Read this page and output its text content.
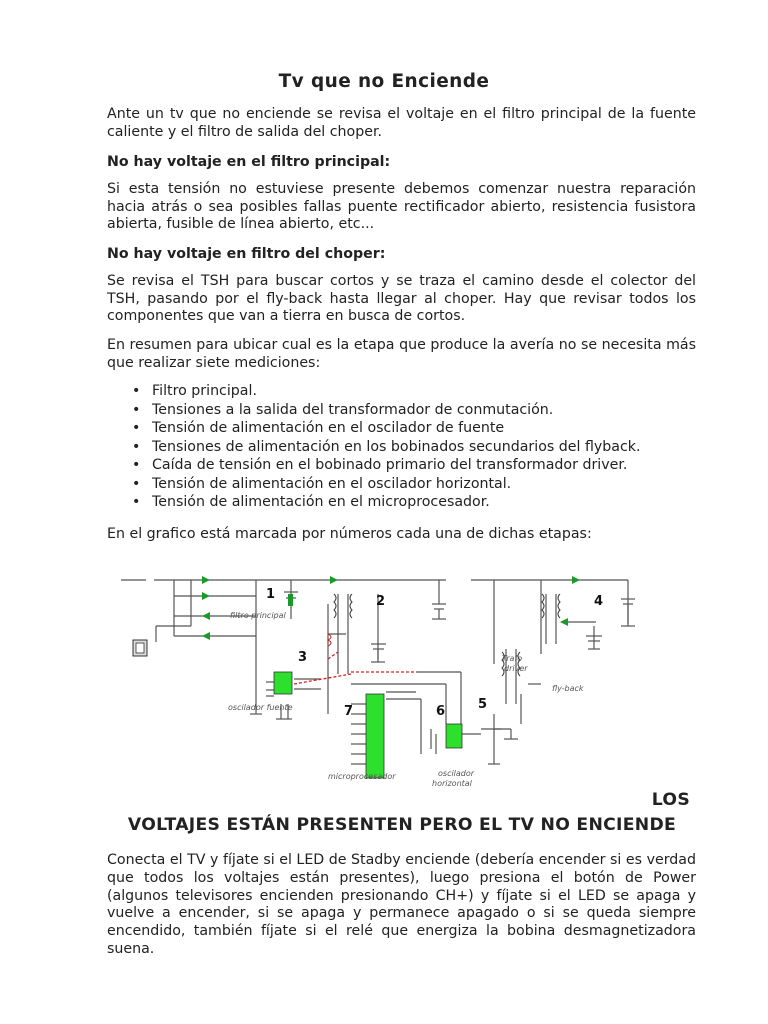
Tv que no Enciende

Ante un tv que no enciende se revisa el voltaje en el filtro principal de la fuente caliente y el filtro de salida del choper.

No hay voltaje en el filtro principal:

Si esta tensión no estuviese presente debemos comenzar nuestra reparación hacia atrás o sea posibles fallas puente rectificador abierto, resistencia fusistora abierta, fusible de línea abierto, etc...

No hay voltaje en filtro del choper:

Se revisa el TSH para buscar cortos y se traza el camino desde el colector del TSH, pasando por el fly-back hasta llegar al choper. Hay que revisar todos los componentes que van a tierra en busca de cortos.

En resumen para ubicar cual es la etapa que produce la avería no se necesita más que realizar siete mediciones:

• Filtro principal.
• Tensiones a la salida del transformador de conmutación.
• Tensión de alimentación en el oscilador de fuente
• Tensiones de alimentación en los bobinados secundarios del flyback.
• Caída de tensión en el bobinado primario del transformador driver.
• Tensión de alimentación en el oscilador horizontal.
• Tensión de alimentación en el microprocesador.

En el grafico está marcada por números cada una de dichas etapas:

1	2
3
4
5
6
7
filtro principal
oscilador fuente
microprocesador	oscilador
horizontal
Trafo
driver
fly-back
LOS
VOLTAJES ESTÁN PRESENTEN PERO EL TV NO ENCIENDE

Conecta el TV y fíjate si el LED de Stadby enciende (debería encender si es verdad que todos los voltajes están presentes), luego presiona el botón de Power (algunos televisores encienden presionando CH+) y fíjate si el LED se apaga y vuelve a encender, si se apaga y permanece apagado o si se queda siempre encendido, también fíjate si el relé que energiza la bobina desmagnetizadora suena.
